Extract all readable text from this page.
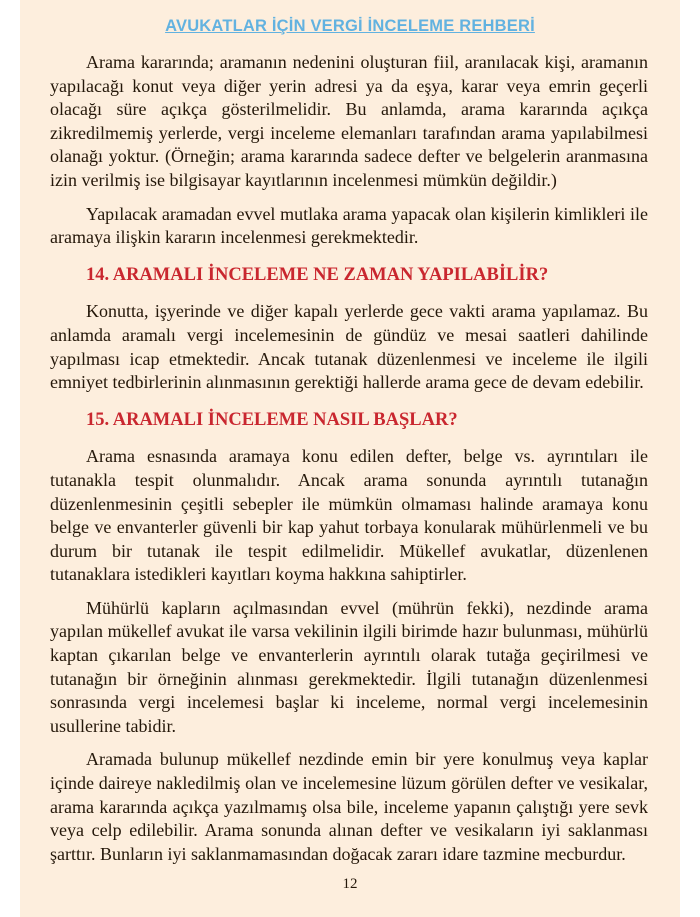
AVUKATLAR İÇİN VERGİ İNCELEME REHBERİ

Arama kararında; aramanın nedenini oluşturan fiil, aranılacak kişi, aramanın yapılacağı konut veya diğer yerin adresi ya da eşya, karar veya emrin geçerli olacağı süre açıkça gösterilmelidir. Bu anlamda, arama kararında açıkça zikredilmemiş yerlerde, vergi inceleme elemanları tarafından arama yapılabilmesi olanağı yoktur. (Örneğin; arama kararında sadece defter ve belgelerin aranmasına izin verilmiş ise bilgisayar kayıtlarının incelenmesi mümkün değildir.)

Yapılacak aramadan evvel mutlaka arama yapacak olan kişilerin kimlikleri ile aramaya ilişkin kararın incelenmesi gerekmektedir.

14. ARAMALI İNCELEME NE ZAMAN YAPILABİLİR?

Konutta, işyerinde ve diğer kapalı yerlerde gece vakti arama yapılamaz. Bu anlamda aramalı vergi incelemesinin de gündüz ve mesai saatleri dahilinde yapılması icap etmektedir. Ancak tutanak düzenlenmesi ve inceleme ile ilgili emniyet tedbirlerinin alınmasının gerektiği hallerde arama gece de devam edebilir.

15. ARAMALI İNCELEME NASIL BAŞLAR?

Arama esnasında aramaya konu edilen defter, belge vs. ayrıntıları ile tutanakla tespit olunmalıdır. Ancak arama sonunda ayrıntılı tutanağın düzenlenmesinin çeşitli sebepler ile mümkün olmaması halinde aramaya konu belge ve envanterler güvenli bir kap yahut torbaya konularak mühürlenmeli ve bu durum bir tutanak ile tespit edilmelidir. Mükellef avukatlar, düzenlenen tutanaklara istedikleri kayıtları koyma hakkına sahiptirler.

Mühürlü kapların açılmasından evvel (mührün fekki), nezdinde arama yapılan mükellef avukat ile varsa vekilinin ilgili birimde hazır bulunması, mühürlü kaptan çıkarılan belge ve envanterlerin ayrıntılı olarak tutağa geçirilmesi ve tutanağın bir örneğinin alınması gerekmektedir. İlgili tutanağın düzenlenmesi sonrasında vergi incelemesi başlar ki inceleme, normal vergi incelemesinin usullerine tabidir.

Aramada bulunup mükellef nezdinde emin bir yere konulmuş veya kaplar içinde daireye nakledilmiş olan ve incelemesine lüzum görülen defter ve vesikalar, arama kararında açıkça yazılmamış olsa bile, inceleme yapanın çalıştığı yere sevk veya celp edilebilir. Arama sonunda alınan defter ve vesikaların iyi saklanması şarttır. Bunların iyi saklanmamasından doğacak zararı idare tazmine mecburdur.

12
